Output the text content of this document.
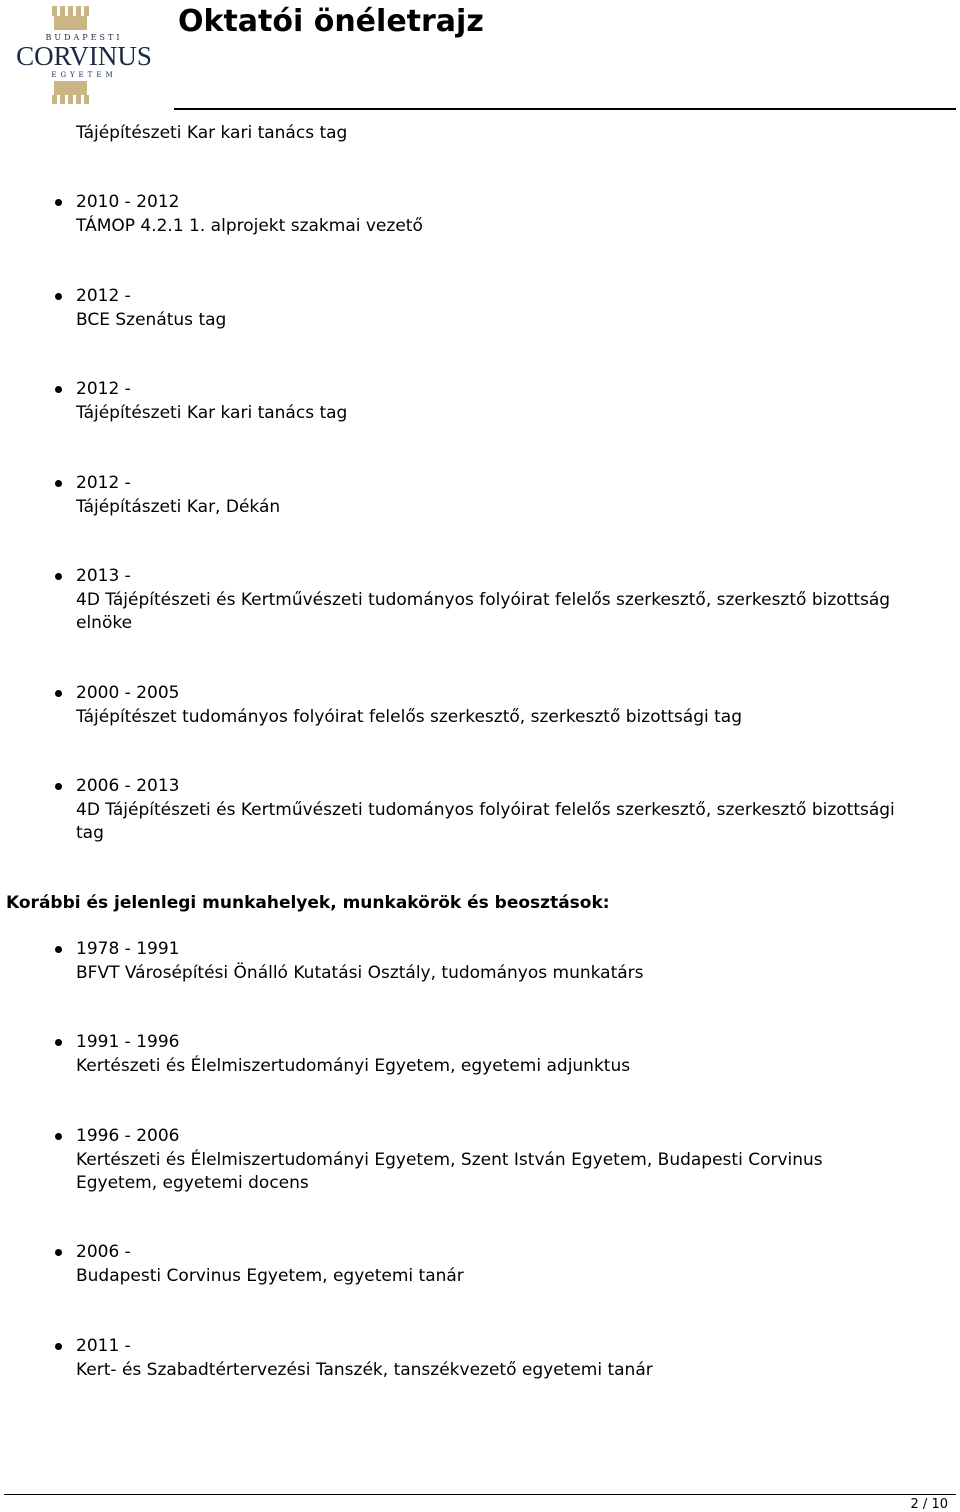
BUDAPESTI
CORVINUS
EGYETEM
Oktatói önéletrajz
Tájépítészeti Kar kari tanács tag
2010 - 2012
TÁMOP 4.2.1 1. alprojekt szakmai vezető
2012 -
BCE Szenátus tag
2012 -
Tájépítészeti Kar kari tanács tag
2012 -
Tájépítászeti Kar, Dékán
2013 -
4D Tájépítészeti és Kertművészeti tudományos folyóirat felelős szerkesztő, szerkesztő bizottság elnöke
2000 - 2005
Tájépítészet tudományos folyóirat felelős szerkesztő, szerkesztő bizottsági tag
2006 - 2013
4D Tájépítészeti és Kertművészeti tudományos folyóirat felelős szerkesztő, szerkesztő bizottsági tag
Korábbi és jelenlegi munkahelyek, munkakörök és beosztások:
1978 - 1991
BFVT Városépítési Önálló Kutatási Osztály, tudományos munkatárs
1991 - 1996
Kertészeti és Élelmiszertudományi Egyetem, egyetemi adjunktus
1996 - 2006
Kertészeti és Élelmiszertudományi Egyetem, Szent István Egyetem, Budapesti Corvinus Egyetem, egyetemi docens
2006 -
Budapesti Corvinus Egyetem, egyetemi tanár
2011 -
Kert- és Szabadtértervezési Tanszék, tanszékvezető egyetemi tanár
2 / 10
